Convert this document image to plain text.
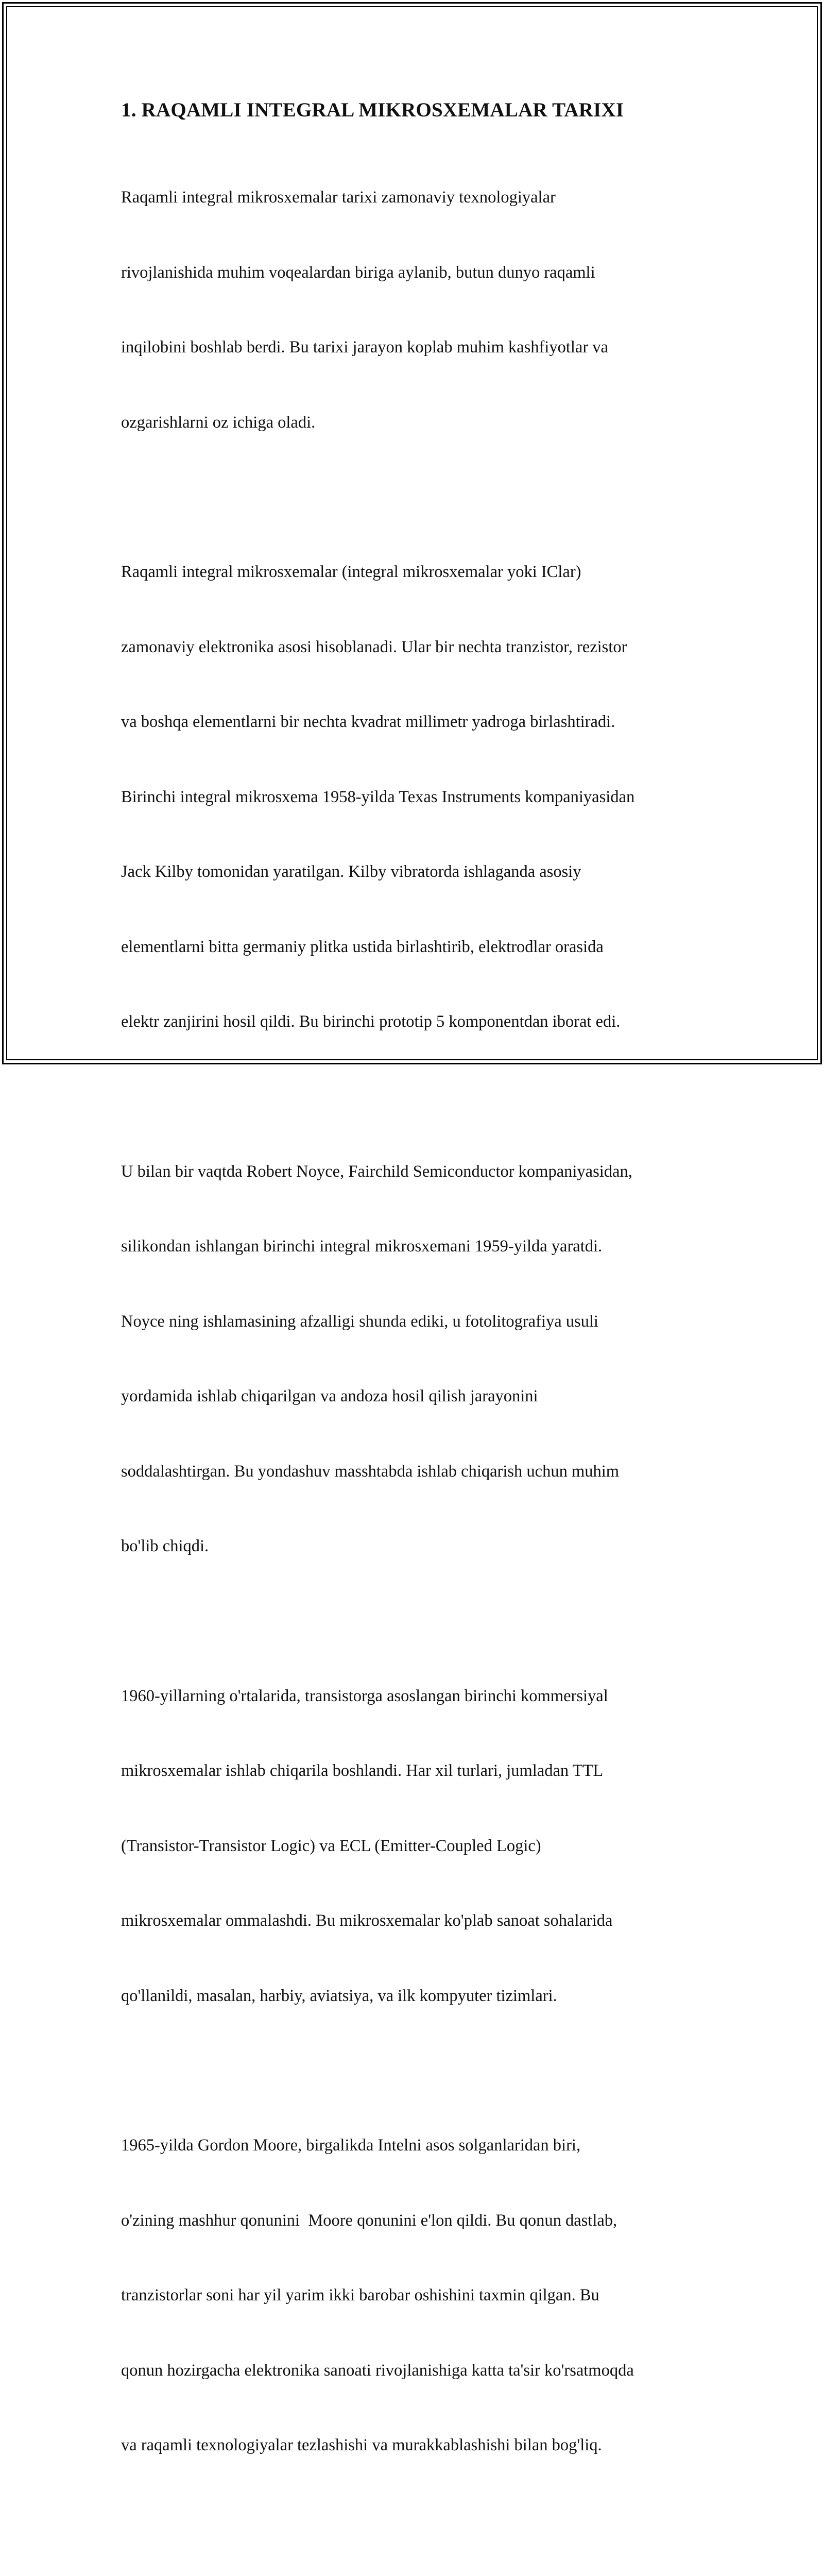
1. RAQAMLI INTEGRAL MIKROSXEMALAR TARIXI

Raqamli integral mikrosxemalar tarixi zamonaviy texnologiyalar

rivojlanishida muhim voqealardan biriga aylanib, butun dunyo raqamli

inqilobini boshlab berdi. Bu tarixi jarayon koplab muhim kashfiyotlar va

ozgarishlarni oz ichiga oladi.

Raqamli integral mikrosxemalar (integral mikrosxemalar yoki IClar)

zamonaviy elektronika asosi hisoblanadi. Ular bir nechta tranzistor, rezistor

va boshqa elementlarni bir nechta kvadrat millimetr yadroga birlashtiradi.

Birinchi integral mikrosxema 1958-yilda Texas Instruments kompaniyasidan

Jack Kilby tomonidan yaratilgan. Kilby vibratorda ishlaganda asosiy

elementlarni bitta germaniy plitka ustida birlashtirib, elektrodlar orasida

elektr zanjirini hosil qildi. Bu birinchi prototip 5 komponentdan iborat edi.

U bilan bir vaqtda Robert Noyce, Fairchild Semiconductor kompaniyasidan,

silikondan ishlangan birinchi integral mikrosxemani 1959-yilda yaratdi.

Noyce ning ishlamasining afzalligi shunda ediki, u fotolitografiya usuli

yordamida ishlab chiqarilgan va andoza hosil qilish jarayonini

soddalashtirgan. Bu yondashuv masshtabda ishlab chiqarish uchun muhim

bo'lib chiqdi.

1960-yillarning o'rtalarida, transistorga asoslangan birinchi kommersiyal

mikrosxemalar ishlab chiqarila boshlandi. Har xil turlari, jumladan TTL

(Transistor-Transistor Logic) va ECL (Emitter-Coupled Logic)

mikrosxemalar ommalashdi. Bu mikrosxemalar ko'plab sanoat sohalarida

qo'llanildi, masalan, harbiy, aviatsiya, va ilk kompyuter tizimlari.

1965-yilda Gordon Moore, birgalikda Intelni asos solganlaridan biri,

o'zining mashhur qonunini  Moore qonunini e'lon qildi. Bu qonun dastlab,

tranzistorlar soni har yil yarim ikki barobar oshishini taxmin qilgan. Bu

qonun hozirgacha elektronika sanoati rivojlanishiga katta ta'sir ko'rsatmoqda

va raqamli texnologiyalar tezlashishi va murakkablashishi bilan bog'liq.
